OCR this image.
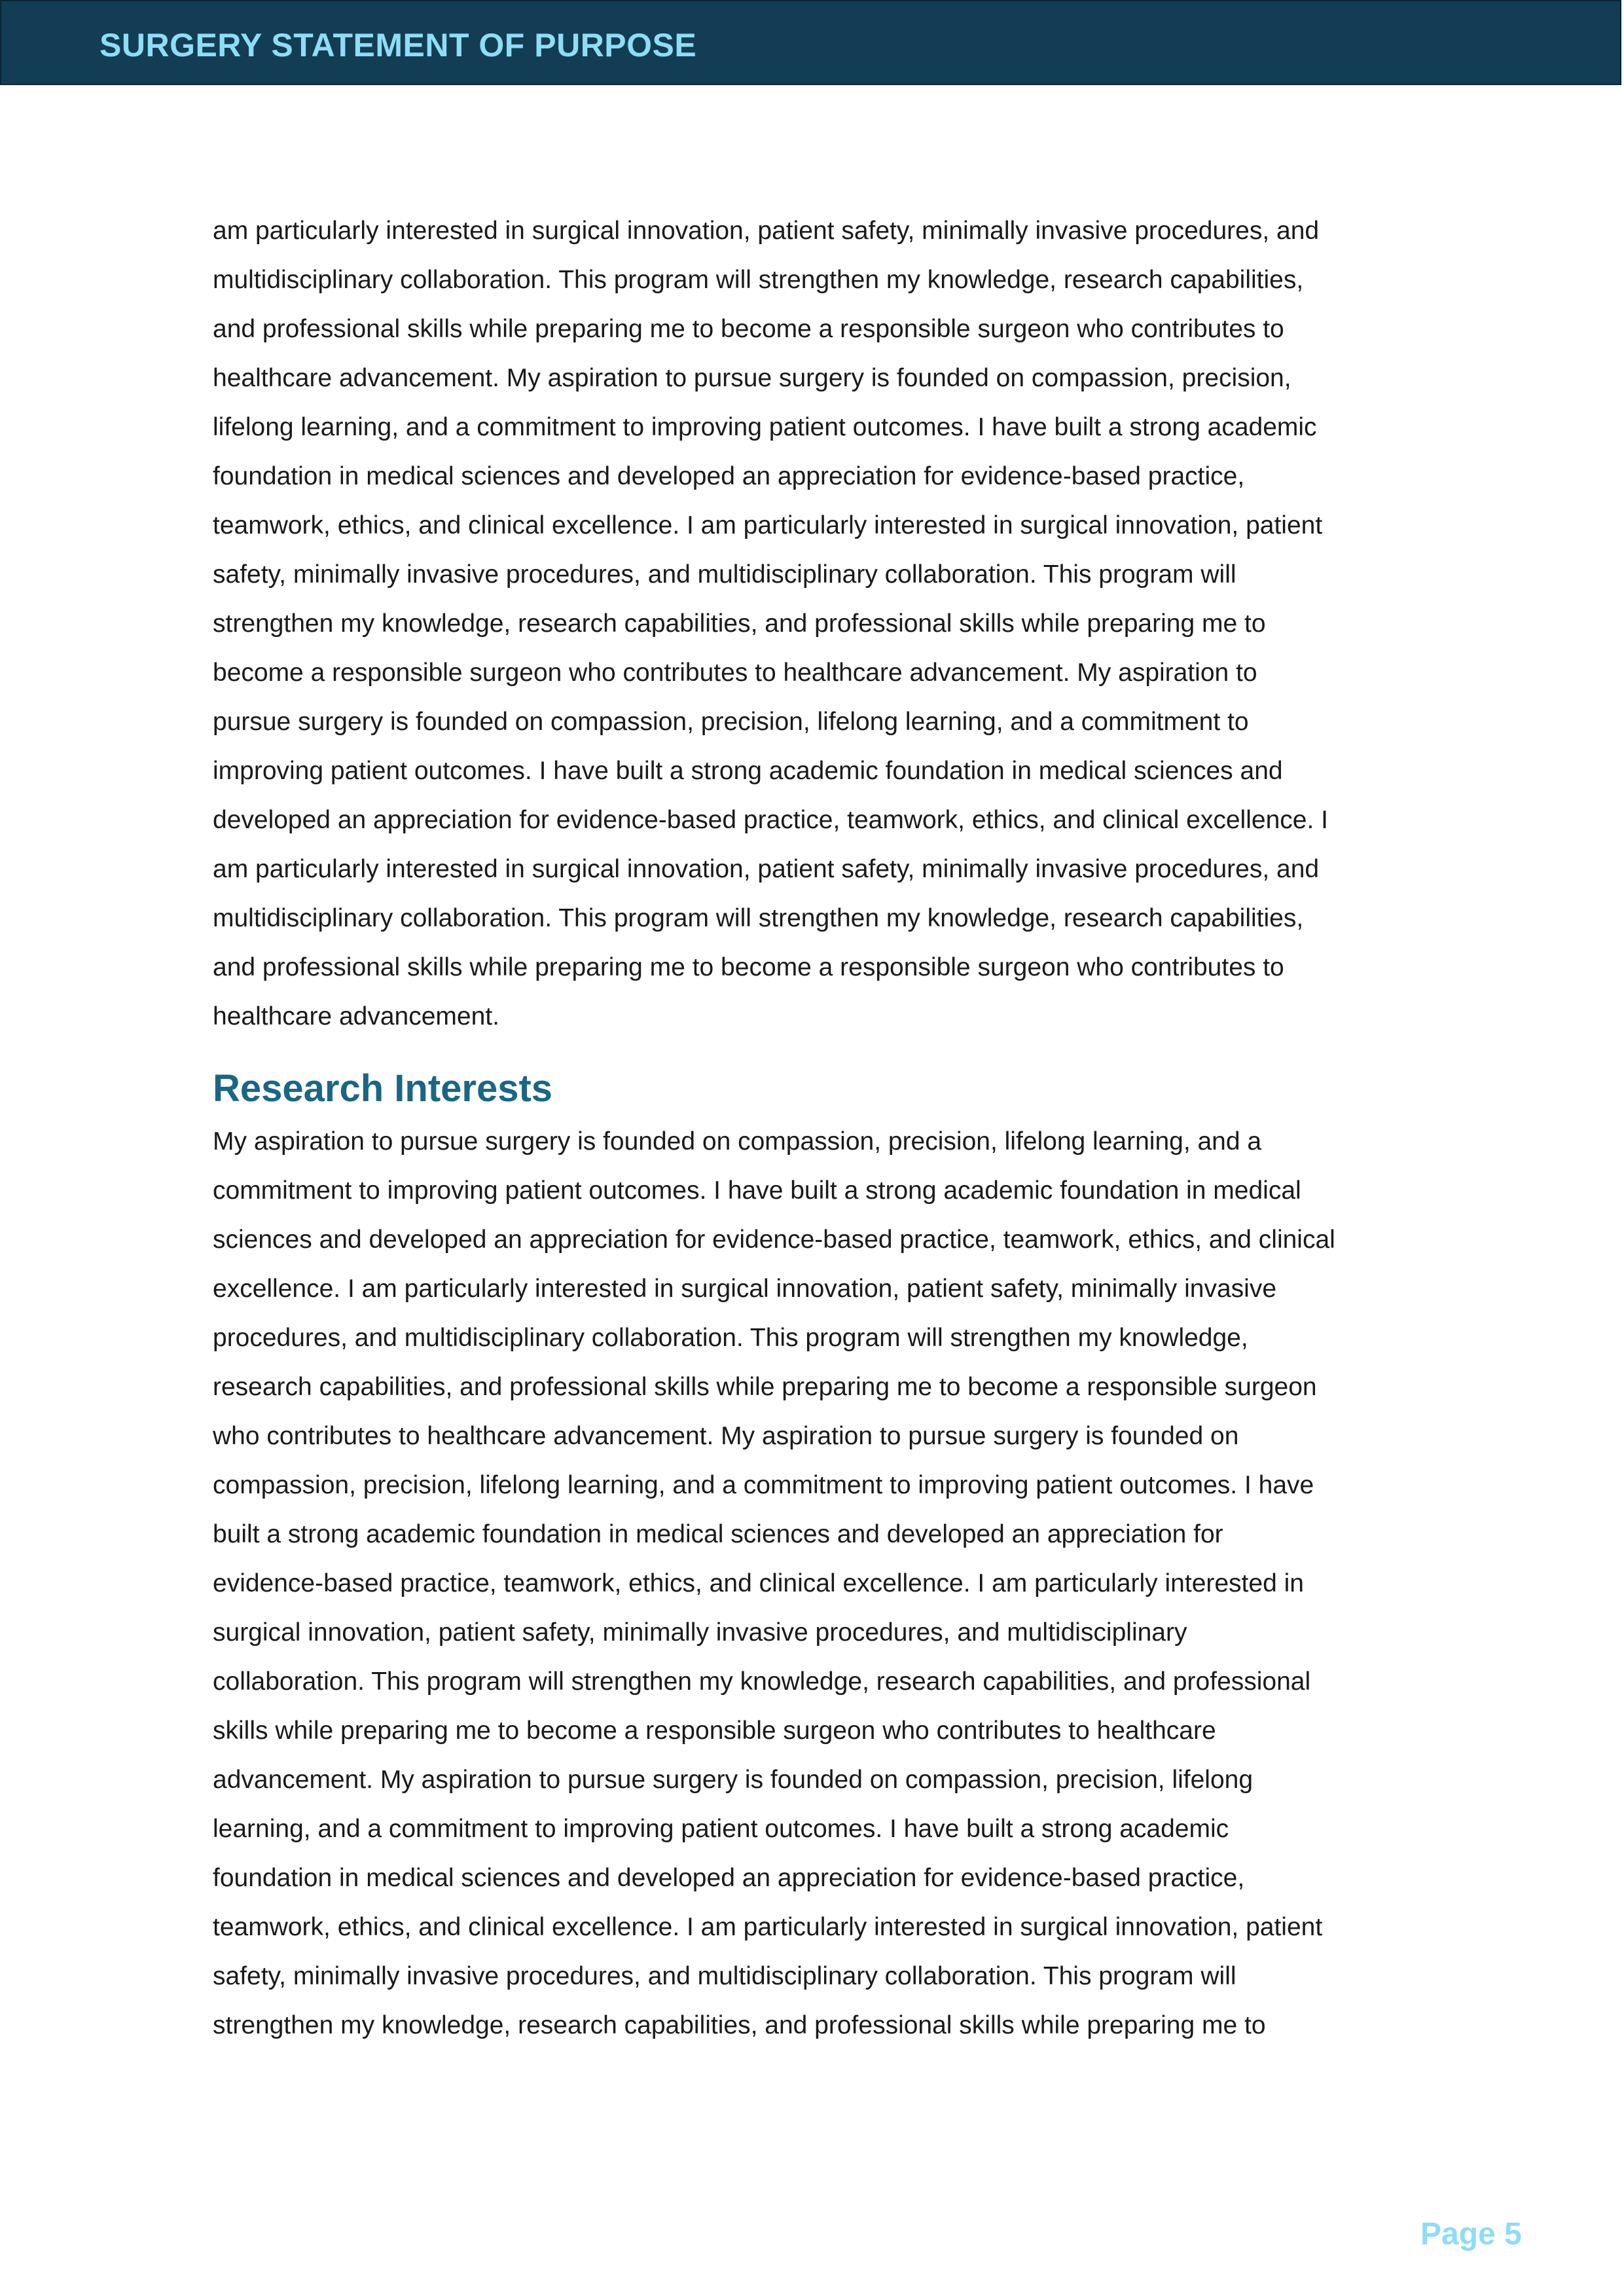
SURGERY STATEMENT OF PURPOSE
am particularly interested in surgical innovation, patient safety, minimally invasive procedures, and
multidisciplinary collaboration. This program will strengthen my knowledge, research capabilities,
and professional skills while preparing me to become a responsible surgeon who contributes to
healthcare advancement. My aspiration to pursue surgery is founded on compassion, precision,
lifelong learning, and a commitment to improving patient outcomes. I have built a strong academic
foundation in medical sciences and developed an appreciation for evidence-based practice,
teamwork, ethics, and clinical excellence. I am particularly interested in surgical innovation, patient
safety, minimally invasive procedures, and multidisciplinary collaboration. This program will
strengthen my knowledge, research capabilities, and professional skills while preparing me to
become a responsible surgeon who contributes to healthcare advancement. My aspiration to
pursue surgery is founded on compassion, precision, lifelong learning, and a commitment to
improving patient outcomes. I have built a strong academic foundation in medical sciences and
developed an appreciation for evidence-based practice, teamwork, ethics, and clinical excellence. I
am particularly interested in surgical innovation, patient safety, minimally invasive procedures, and
multidisciplinary collaboration. This program will strengthen my knowledge, research capabilities,
and professional skills while preparing me to become a responsible surgeon who contributes to
healthcare advancement.
Research Interests
My aspiration to pursue surgery is founded on compassion, precision, lifelong learning, and a
commitment to improving patient outcomes. I have built a strong academic foundation in medical
sciences and developed an appreciation for evidence-based practice, teamwork, ethics, and clinical
excellence. I am particularly interested in surgical innovation, patient safety, minimally invasive
procedures, and multidisciplinary collaboration. This program will strengthen my knowledge,
research capabilities, and professional skills while preparing me to become a responsible surgeon
who contributes to healthcare advancement. My aspiration to pursue surgery is founded on
compassion, precision, lifelong learning, and a commitment to improving patient outcomes. I have
built a strong academic foundation in medical sciences and developed an appreciation for
evidence-based practice, teamwork, ethics, and clinical excellence. I am particularly interested in
surgical innovation, patient safety, minimally invasive procedures, and multidisciplinary
collaboration. This program will strengthen my knowledge, research capabilities, and professional
skills while preparing me to become a responsible surgeon who contributes to healthcare
advancement. My aspiration to pursue surgery is founded on compassion, precision, lifelong
learning, and a commitment to improving patient outcomes. I have built a strong academic
foundation in medical sciences and developed an appreciation for evidence-based practice,
teamwork, ethics, and clinical excellence. I am particularly interested in surgical innovation, patient
safety, minimally invasive procedures, and multidisciplinary collaboration. This program will
strengthen my knowledge, research capabilities, and professional skills while preparing me to
Page 5
